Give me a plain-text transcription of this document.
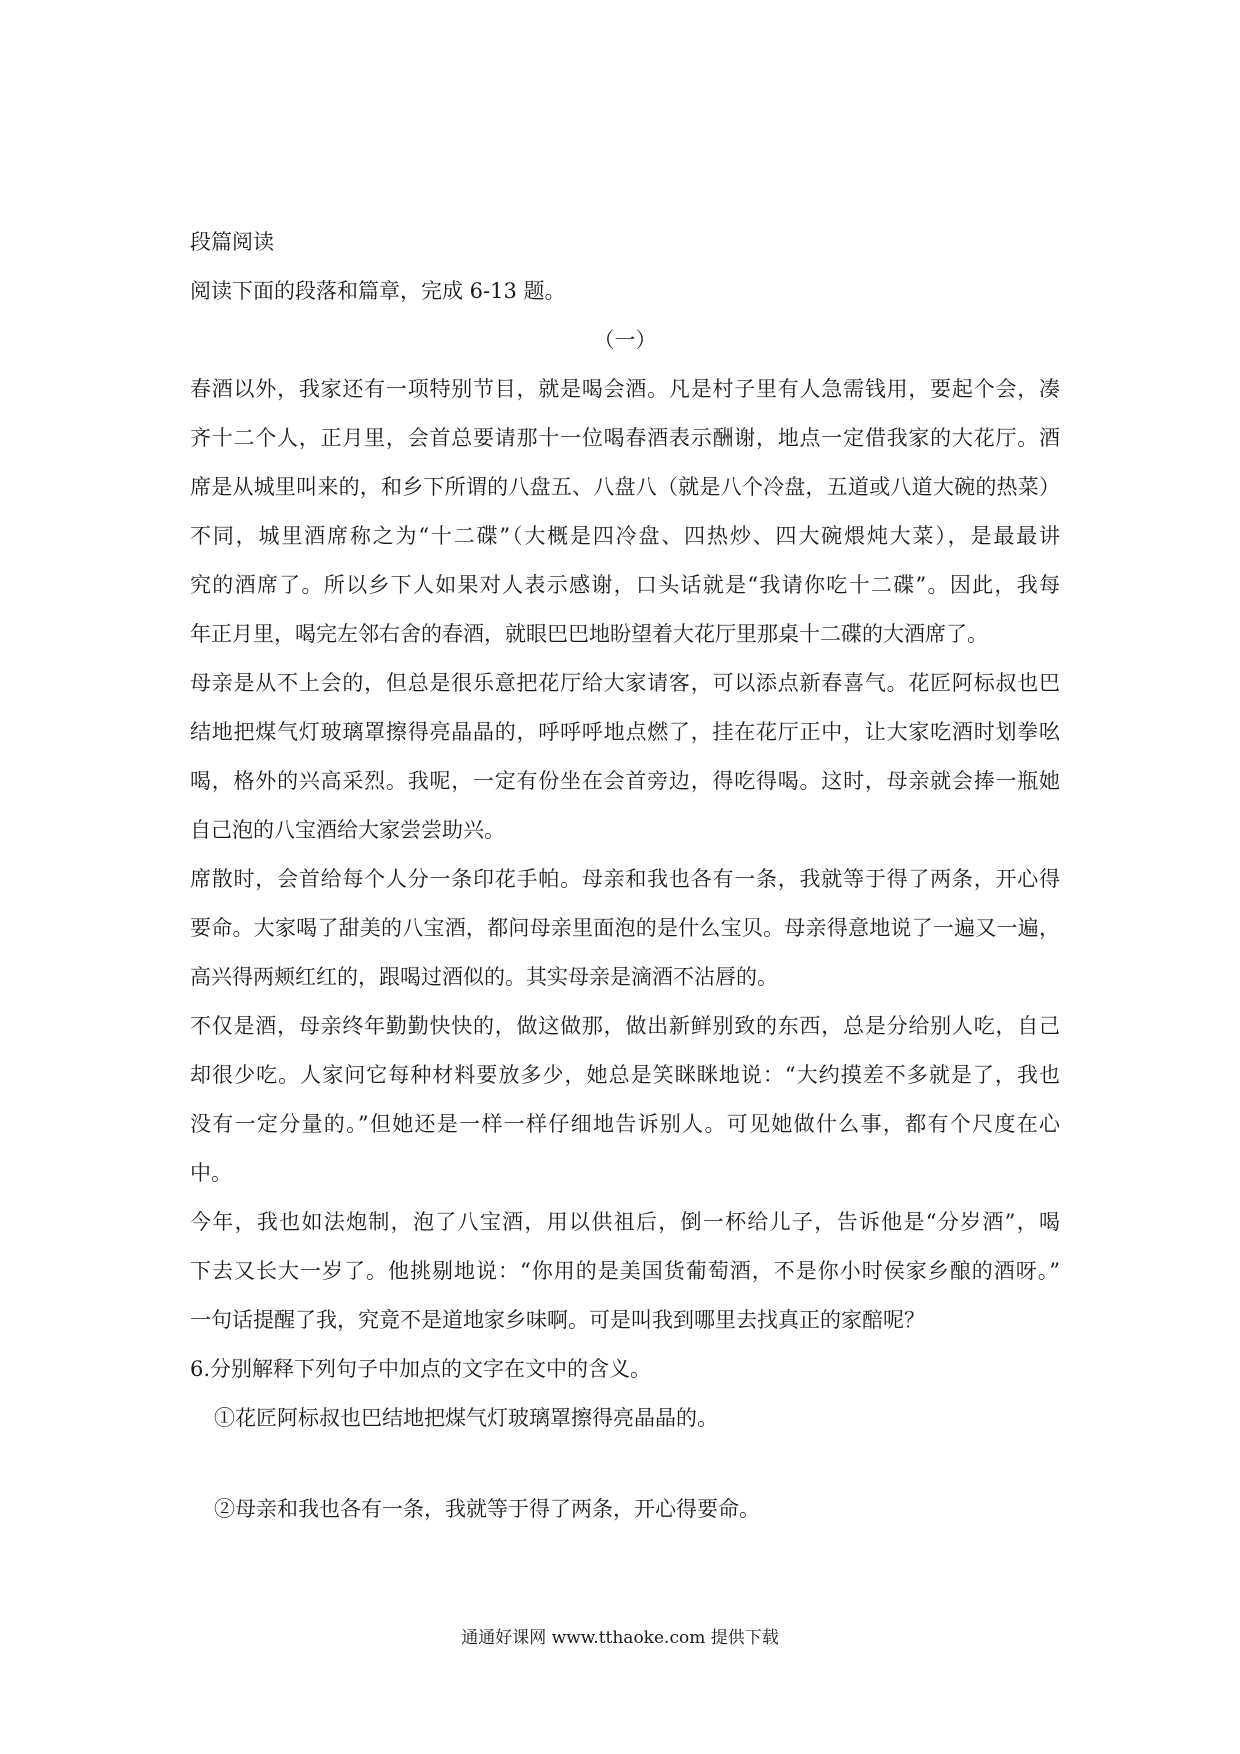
段篇阅读
阅读下面的段落和篇章，完成 6-13 题。
（一）
春酒以外，我家还有一项特别节目，就是喝会酒。凡是村子里有人急需钱用，要起个会，凑
齐十二个人，正月里，会首总要请那十一位喝春酒表示酬谢，地点一定借我家的大花厅。酒
席是从城里叫来的，和乡下所谓的八盘五、八盘八（就是八个冷盘，五道或八道大碗的热菜）
不同，城里酒席称之为“十二碟”（大概是四冷盘、四热炒、四大碗煨炖大菜），是最最讲
究的酒席了。所以乡下人如果对人表示感谢，口头话就是“我请你吃十二碟”。因此，我每
年正月里，喝完左邻右舍的春酒，就眼巴巴地盼望着大花厅里那桌十二碟的大酒席了。
母亲是从不上会的，但总是很乐意把花厅给大家请客，可以添点新春喜气。花匠阿标叔也巴
结地把煤气灯玻璃罩擦得亮晶晶的，呼呼呼地点燃了，挂在花厅正中，让大家吃酒时划拳吆
喝，格外的兴高采烈。我呢，一定有份坐在会首旁边，得吃得喝。这时，母亲就会捧一瓶她
自己泡的八宝酒给大家尝尝助兴。
席散时，会首给每个人分一条印花手帕。母亲和我也各有一条，我就等于得了两条，开心得
要命。大家喝了甜美的八宝酒，都问母亲里面泡的是什么宝贝。母亲得意地说了一遍又一遍，
高兴得两颊红红的，跟喝过酒似的。其实母亲是滴酒不沾唇的。
不仅是酒，母亲终年勤勤快快的，做这做那，做出新鲜别致的东西，总是分给别人吃，自己
却很少吃。人家问它每种材料要放多少，她总是笑眯眯地说：“大约摸差不多就是了，我也
没有一定分量的。”但她还是一样一样仔细地告诉别人。可见她做什么事，都有个尺度在心
中。
今年，我也如法炮制，泡了八宝酒，用以供祖后，倒一杯给儿子，告诉他是“分岁酒”，喝
下去又长大一岁了。他挑剔地说：“你用的是美国货葡萄酒，不是你小时侯家乡酿的酒呀。”
一句话提醒了我，究竟不是道地家乡味啊。可是叫我到哪里去找真正的家醅呢？
6.分别解释下列句子中加点的文字在文中的含义。
①花匠阿标叔也巴结地把煤气灯玻璃罩擦得亮晶晶的。
②母亲和我也各有一条，我就等于得了两条，开心得要命。
通通好课网 www.tthaoke.com 提供下载
